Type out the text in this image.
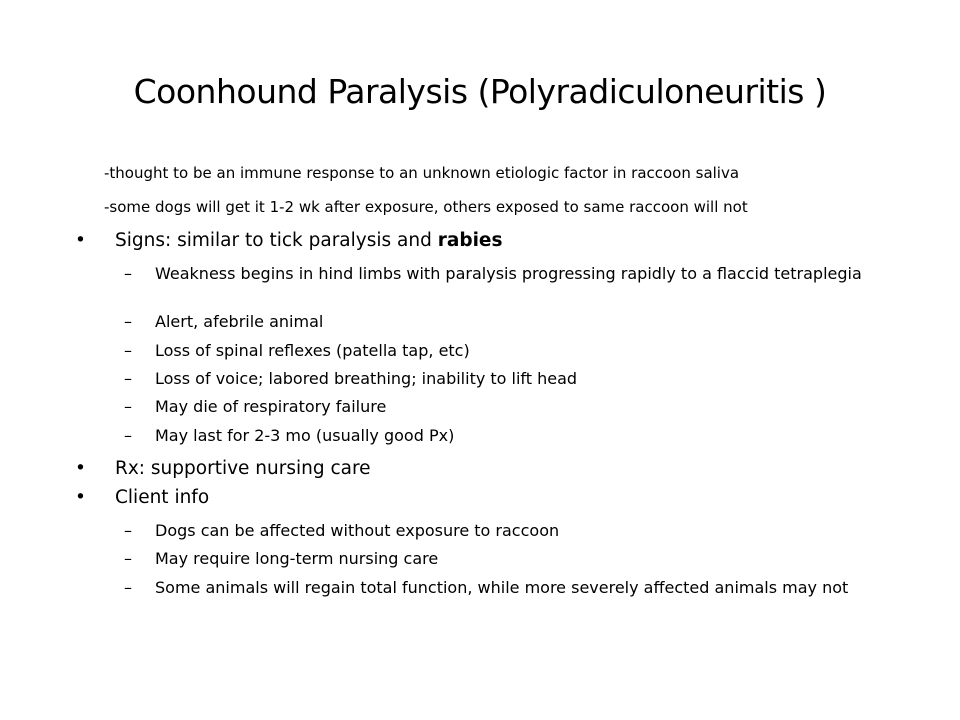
Coonhound Paralysis (Polyradiculoneuritis )
-thought to be an immune response to an unknown etiologic factor in raccoon saliva
-some dogs will get it 1-2 wk after exposure, others exposed to same raccoon will not
• Signs: similar to tick paralysis and rabies
– Weakness begins in hind limbs with paralysis progressing rapidly to a flaccid tetraplegia
– Alert, afebrile animal
– Loss of spinal reflexes (patella tap, etc)
– Loss of voice; labored breathing; inability to lift head
– May die of respiratory failure
– May last for 2-3 mo (usually good Px)
• Rx: supportive nursing care
• Client info
– Dogs can be affected without exposure to raccoon
– May require long-term nursing care
– Some animals will regain total function, while more severely affected animals may not
